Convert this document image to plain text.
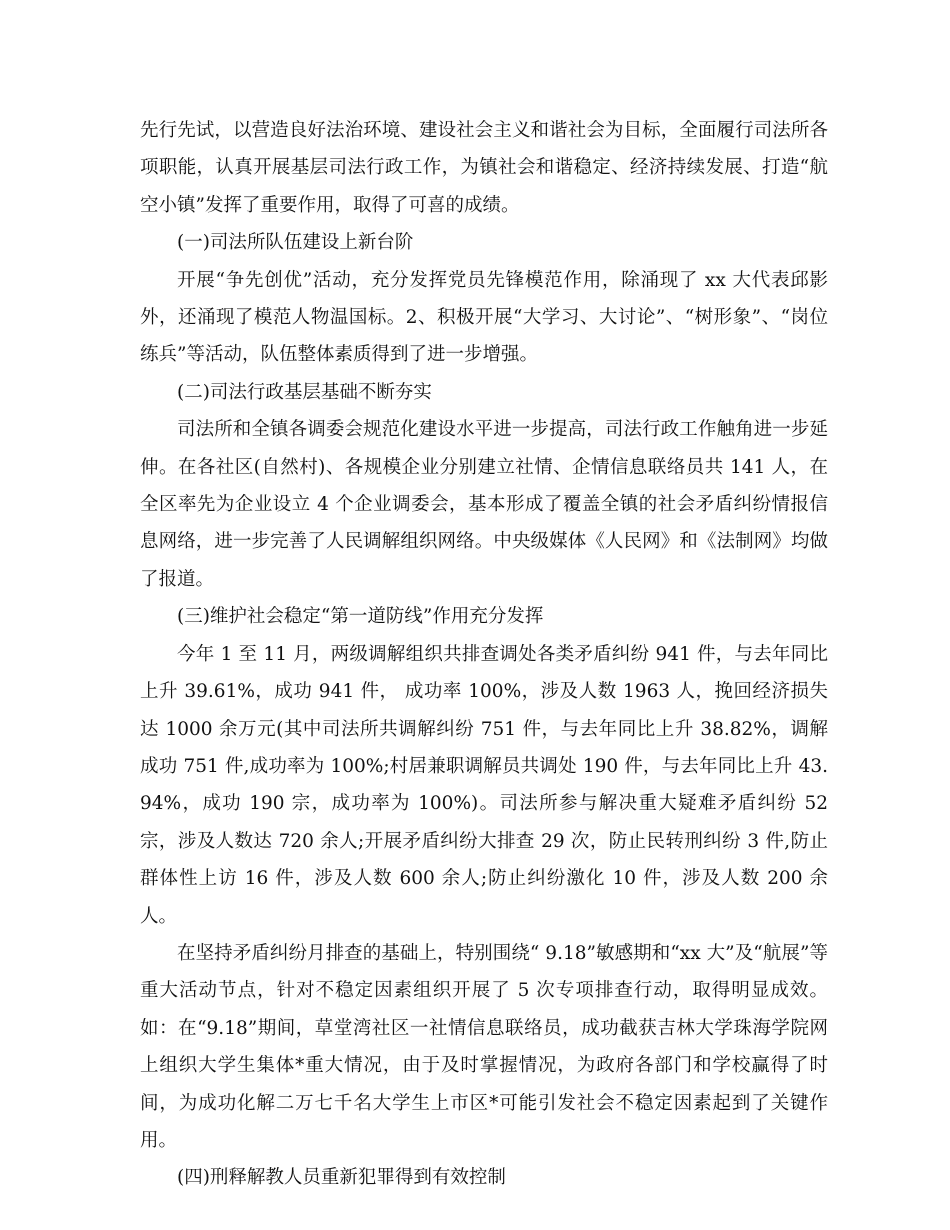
先行先试，以营造良好法治环境、建设社会主义和谐社会为目标，全面履行司法所各项职能，认真开展基层司法行政工作，为镇社会和谐稳定、经济持续发展、打造“航空小镇”发挥了重要作用，取得了可喜的成绩。

(一)司法所队伍建设上新台阶

开展“争先创优”活动，充分发挥党员先锋模范作用，除涌现了 xx 大代表邱影外，还涌现了模范人物温国标。2、积极开展“大学习、大讨论”、“树形象”、“岗位练兵”等活动，队伍整体素质得到了进一步增强。

(二)司法行政基层基础不断夯实

司法所和全镇各调委会规范化建设水平进一步提高，司法行政工作触角进一步延伸。在各社区(自然村)、各规模企业分别建立社情、企情信息联络员共 141 人，在全区率先为企业设立 4 个企业调委会，基本形成了覆盖全镇的社会矛盾纠纷情报信息网络，进一步完善了人民调解组织网络。中央级媒体《人民网》和《法制网》均做了报道。

(三)维护社会稳定“第一道防线”作用充分发挥

今年 1 至 11 月，两级调解组织共排查调处各类矛盾纠纷 941 件，与去年同比上升 39.61%，成功 941 件， 成功率 100%，涉及人数 1963 人，挽回经济损失达 1000 余万元(其中司法所共调解纠纷 751 件，与去年同比上升 38.82%，调解成功 751 件,成功率为 100%;村居兼职调解员共调处 190 件，与去年同比上升 43.94%，成功 190 宗，成功率为 100%)。司法所参与解决重大疑难矛盾纠纷 52 宗，涉及人数达 720 余人;开展矛盾纠纷大排查 29 次，防止民转刑纠纷 3 件,防止群体性上访 16 件，涉及人数 600 余人;防止纠纷激化 10 件，涉及人数 200 余人。

在坚持矛盾纠纷月排查的基础上，特别围绕“ 9.18”敏感期和“xx 大”及“航展”等重大活动节点，针对不稳定因素组织开展了 5 次专项排查行动，取得明显成效。如：在“9.18”期间，草堂湾社区一社情信息联络员，成功截获吉林大学珠海学院网上组织大学生集体*重大情况，由于及时掌握情况，为政府各部门和学校赢得了时间，为成功化解二万七千名大学生上市区*可能引发社会不稳定因素起到了关键作用。

(四)刑释解教人员重新犯罪得到有效控制
